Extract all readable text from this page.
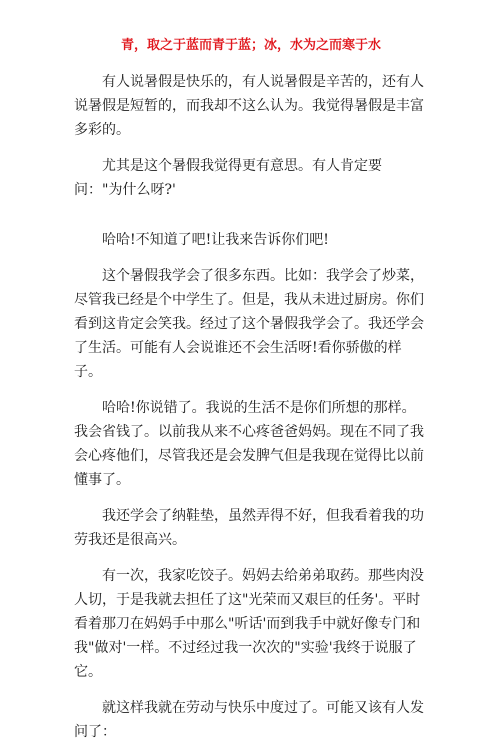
青，取之于蓝而青于蓝；冰，水为之而寒于水

有人说暑假是快乐的，有人说暑假是辛苦的，还有人说暑假是短暂的，而我却不这么认为。我觉得暑假是丰富多彩的。

尤其是这个暑假我觉得更有意思。有人肯定要问："为什么呀?'

哈哈!不知道了吧!让我来告诉你们吧!

这个暑假我学会了很多东西。比如：我学会了炒菜，尽管我已经是个中学生了。但是，我从未进过厨房。你们看到这肯定会笑我。经过了这个暑假我学会了。我还学会了生活。可能有人会说谁还不会生活呀!看你骄傲的样子。

哈哈!你说错了。我说的生活不是你们所想的那样。我会省钱了。以前我从来不心疼爸爸妈妈。现在不同了我会心疼他们，尽管我还是会发脾气但是我现在觉得比以前懂事了。

我还学会了纳鞋垫，虽然弄得不好，但我看着我的功劳我还是很高兴。

有一次，我家吃饺子。妈妈去给弟弟取药。那些肉没人切，于是我就去担任了这"光荣而又艰巨的任务'。平时看着那刀在妈妈手中那么"听话'而到我手中就好像专门和我"做对'一样。不过经过我一次次的"实验'我终于说服了它。

就这样我就在劳动与快乐中度过了。可能又该有人发问了：
